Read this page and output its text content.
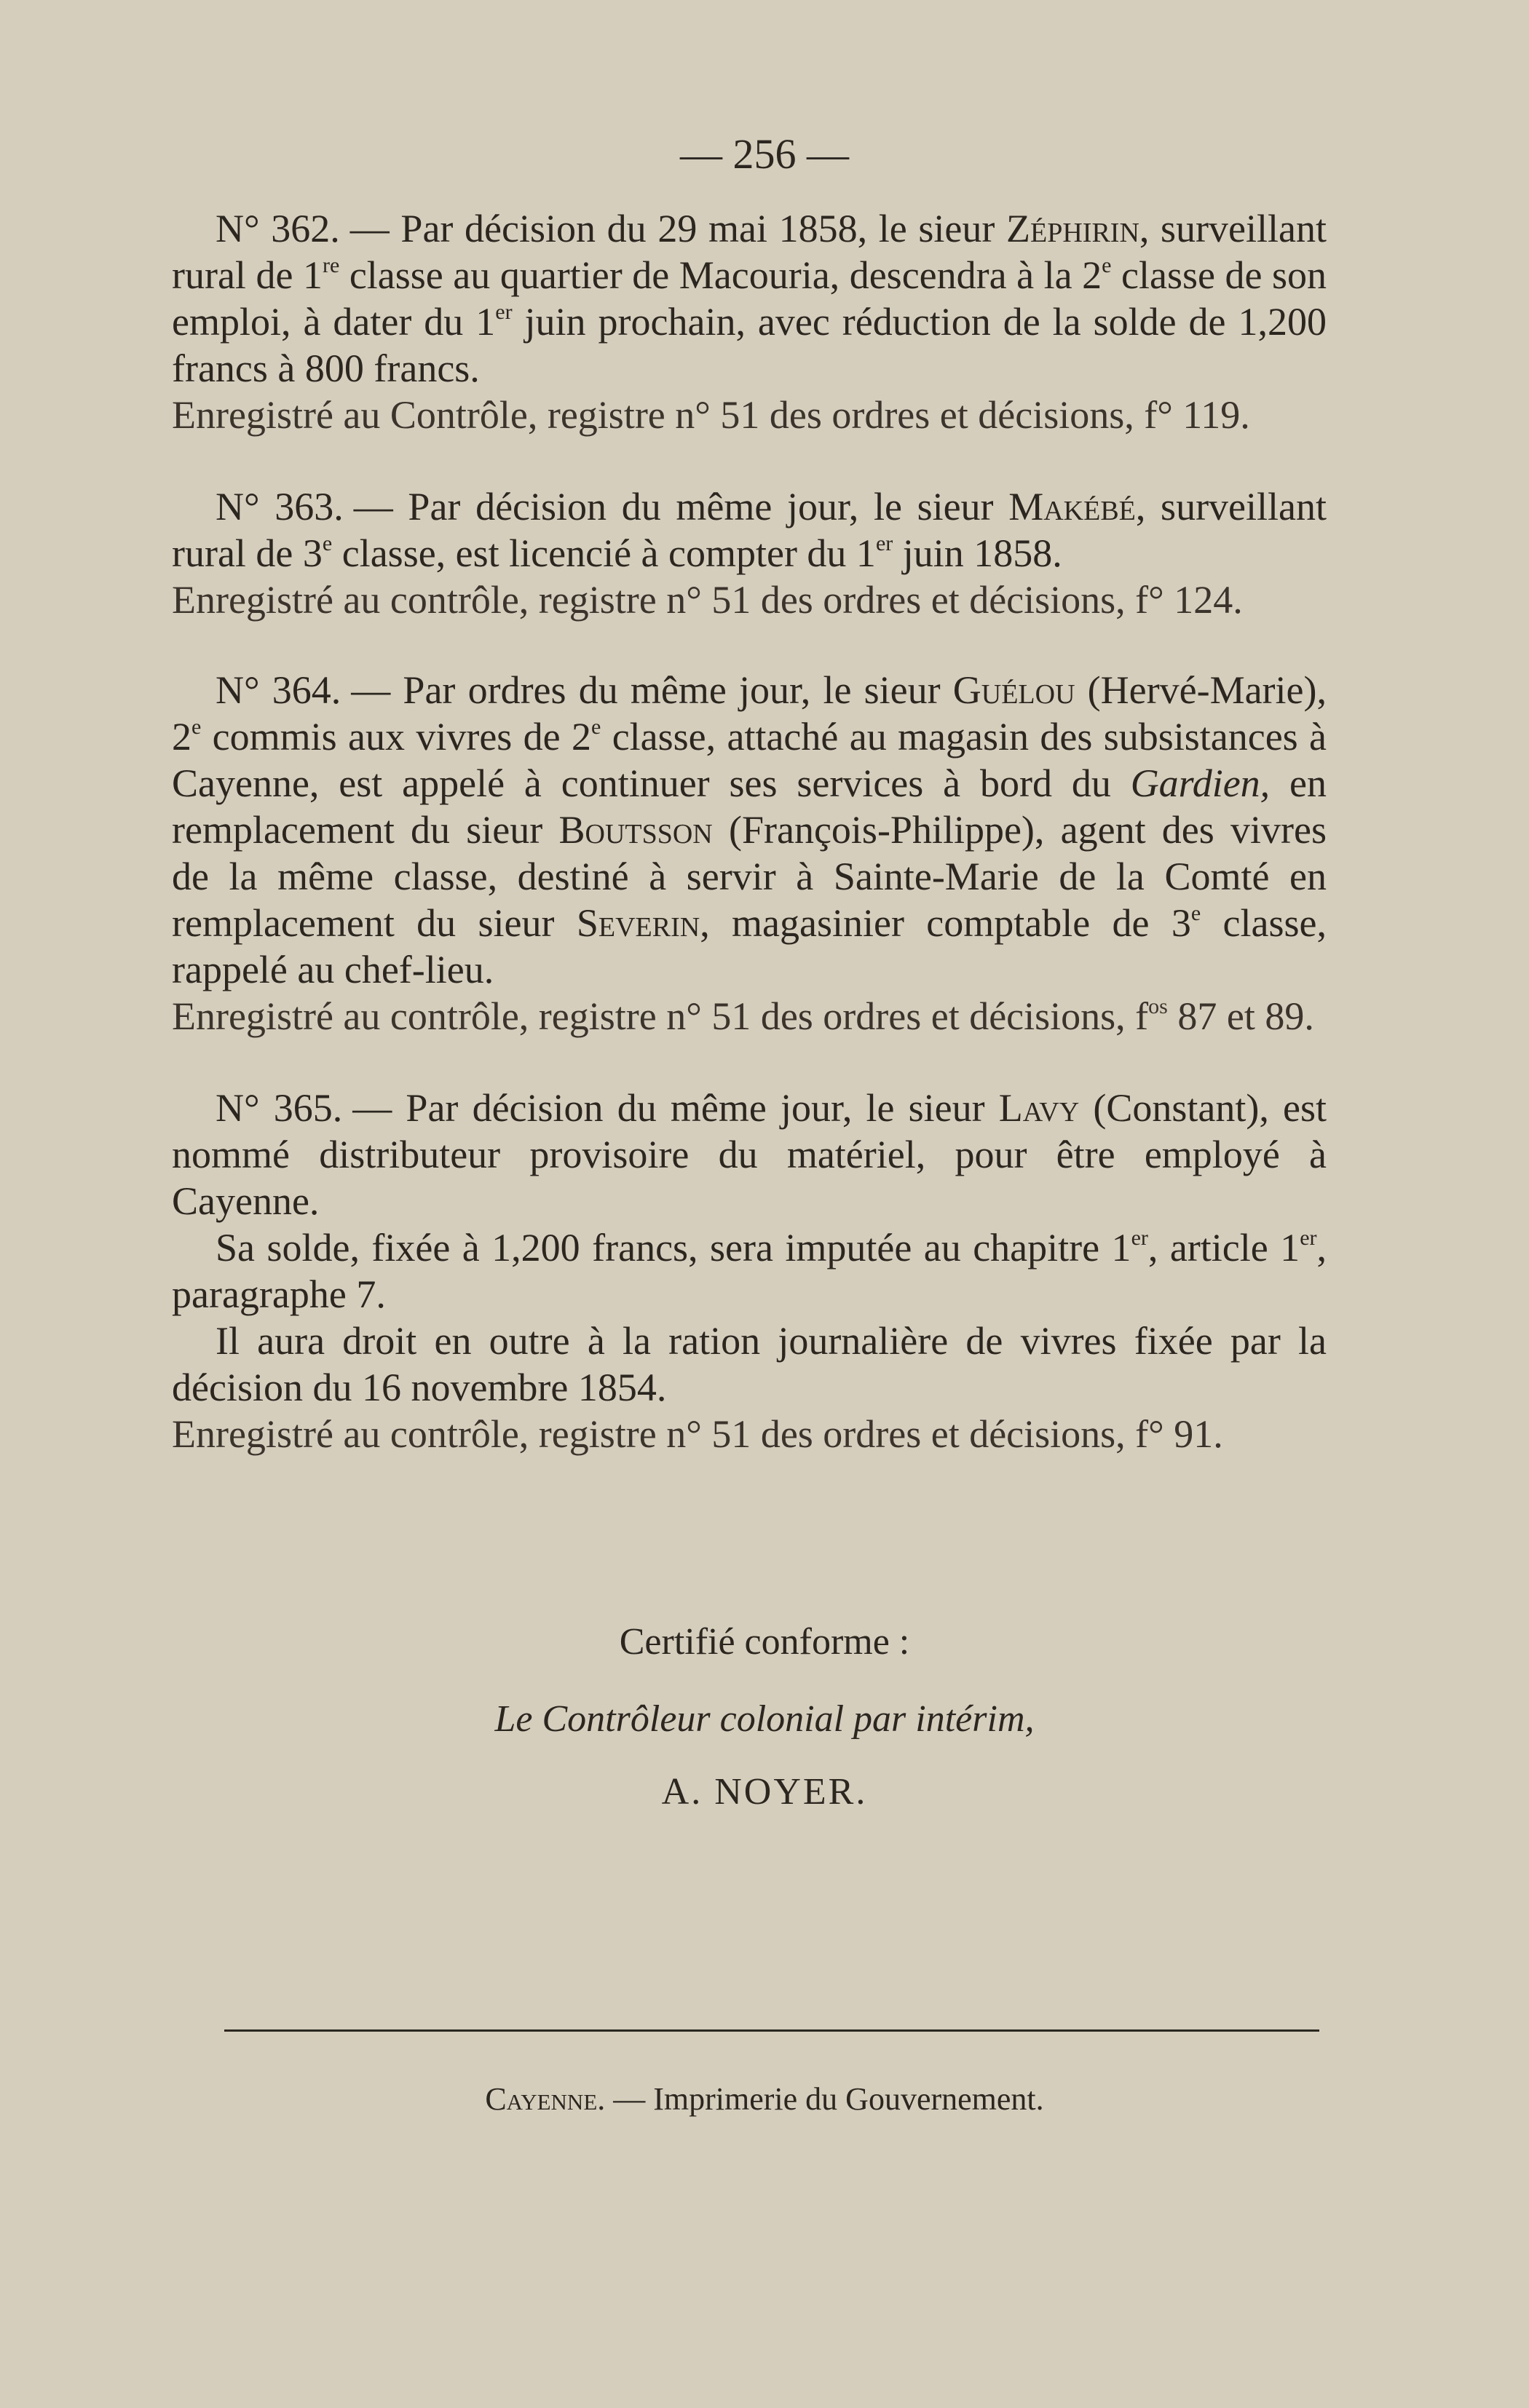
— 256 —

N° 362. — Par décision du 29 mai 1858, le sieur Zéphirin, surveillant rural de 1re classe au quartier de Macouria, descendra à la 2e classe de son emploi, à dater du 1er juin prochain, avec réduction de la solde de 1,200 francs à 800 francs.

Enregistré au Contrôle, registre n° 51 des ordres et décisions, f° 119.

N° 363. — Par décision du même jour, le sieur Makébé, surveillant rural de 3e classe, est licencié à compter du 1er juin 1858.

Enregistré au contrôle, registre n° 51 des ordres et décisions, f° 124.

N° 364. — Par ordres du même jour, le sieur Guélou (Hervé-Marie), 2e commis aux vivres de 2e classe, attaché au magasin des subsistances à Cayenne, est appelé à continuer ses services à bord du Gardien, en remplacement du sieur Boutsson (François-Philippe), agent des vivres de la même classe, destiné à servir à Sainte-Marie de la Comté en remplacement du sieur Severin, magasinier comptable de 3e classe, rappelé au chef-lieu.

Enregistré au contrôle, registre n° 51 des ordres et décisions, $f^{os}$ 87 et 89.

N° 365. — Par décision du même jour, le sieur Lavy (Constant), est nommé distributeur provisoire du matériel, pour être employé à Cayenne.

Sa solde, fixée à 1,200 francs, sera imputée au chapitre 1er, article 1er, paragraphe 7.

Il aura droit en outre à la ration journalière de vivres fixée par la décision du 16 novembre 1854.

Enregistré au contrôle, registre n° 51 des ordres et décisions, f° 91.

Certifié conforme :
Le Contrôleur colonial par intérim,
A. NOYER.
Cayenne. — Imprimerie du Gouvernement.
